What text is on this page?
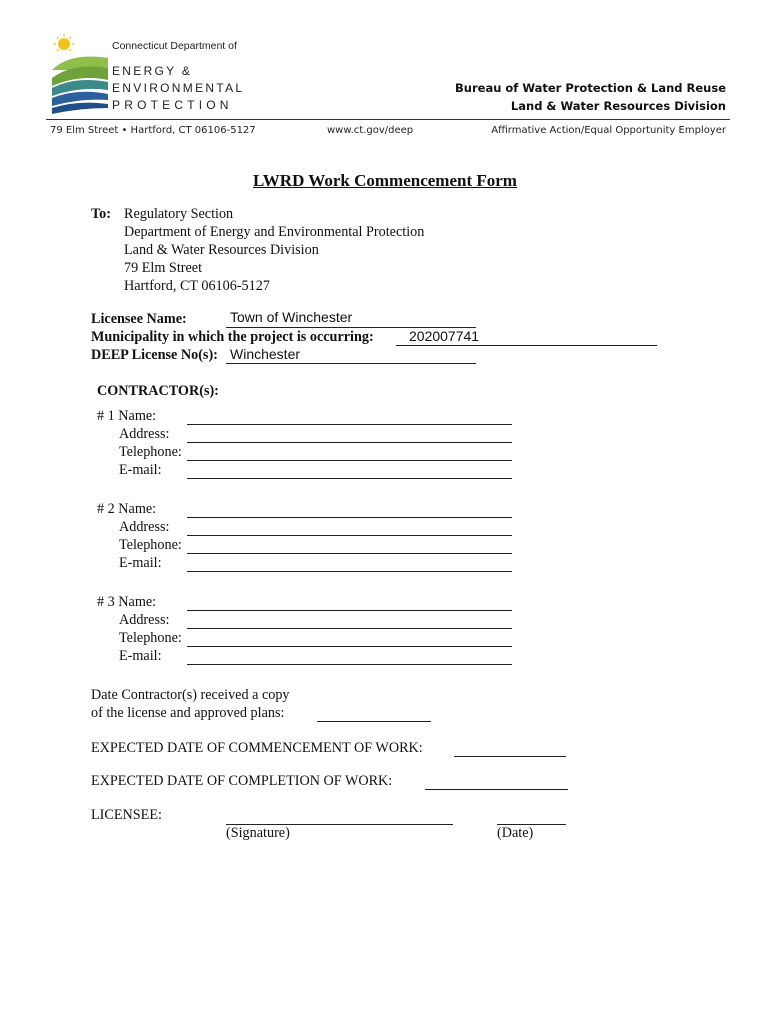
Connecticut Department of
ENERGY &
ENVIRONMENTAL
PROTECTION
Bureau of Water Protection & Land Reuse
Land & Water Resources Division
79 Elm Street • Hartford, CT 06106-5127	www.ct.gov/deep	Affirmative Action/Equal Opportunity Employer
LWRD Work Commencement Form
To: Regulatory Section
Department of Energy and Environmental Protection
Land & Water Resources Division
79 Elm Street
Hartford, CT 06106-5127
Licensee Name:	Town of Winchester
Municipality in which the project is occurring:	202007741
DEEP License No(s): Winchester
CONTRACTOR(s):
# 1 Name:
Address:
Telephone:
E-mail:
# 2 Name:
Address:
Telephone:
E-mail:
# 3 Name:
Address:
Telephone:
E-mail:
Date Contractor(s) received a copy
of the license and approved plans:
EXPECTED DATE OF COMMENCEMENT OF WORK:
EXPECTED DATE OF COMPLETION OF WORK:
LICENSEE:
(Signature)	(Date)
